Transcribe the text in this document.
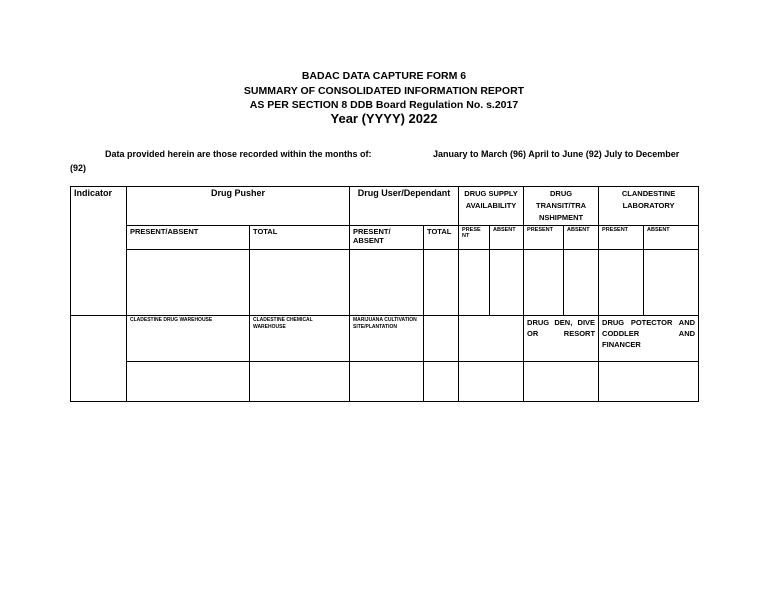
BADAC DATA CAPTURE FORM 6
SUMMARY OF CONSOLIDATED INFORMATION REPORT
AS PER SECTION 8 DDB Board Regulation No. s.2017
Year (YYYY) 2022
Data provided herein are those recorded within the months of:	January to March (96) April to June (92) July to December
(92)
Indicator	Drug Pusher		Drug User/Dependant		DRUG SUPPLY AVAILABILITY		DRUG TRANSIT/TRA NSHIPMENT		CLANDESTINE LABORATORY	
	PRESENT/ABSENT	TOTAL	PRESENT/ ABSENT	TOTAL	PRESE NT	ABSENT	PRESENT	ABSENT	PRESENT	ABSENT

	CLADESTINE DRUG WAREHOUSE	CLADESTINE CHEMICAL WAREHOUSE	MARIJUANA CULTIVATION SITE/PLANTATION				DRUG DEN, DIVE OR RESORT		DRUG POTECTOR AND CODDLER AND FINANCER	
